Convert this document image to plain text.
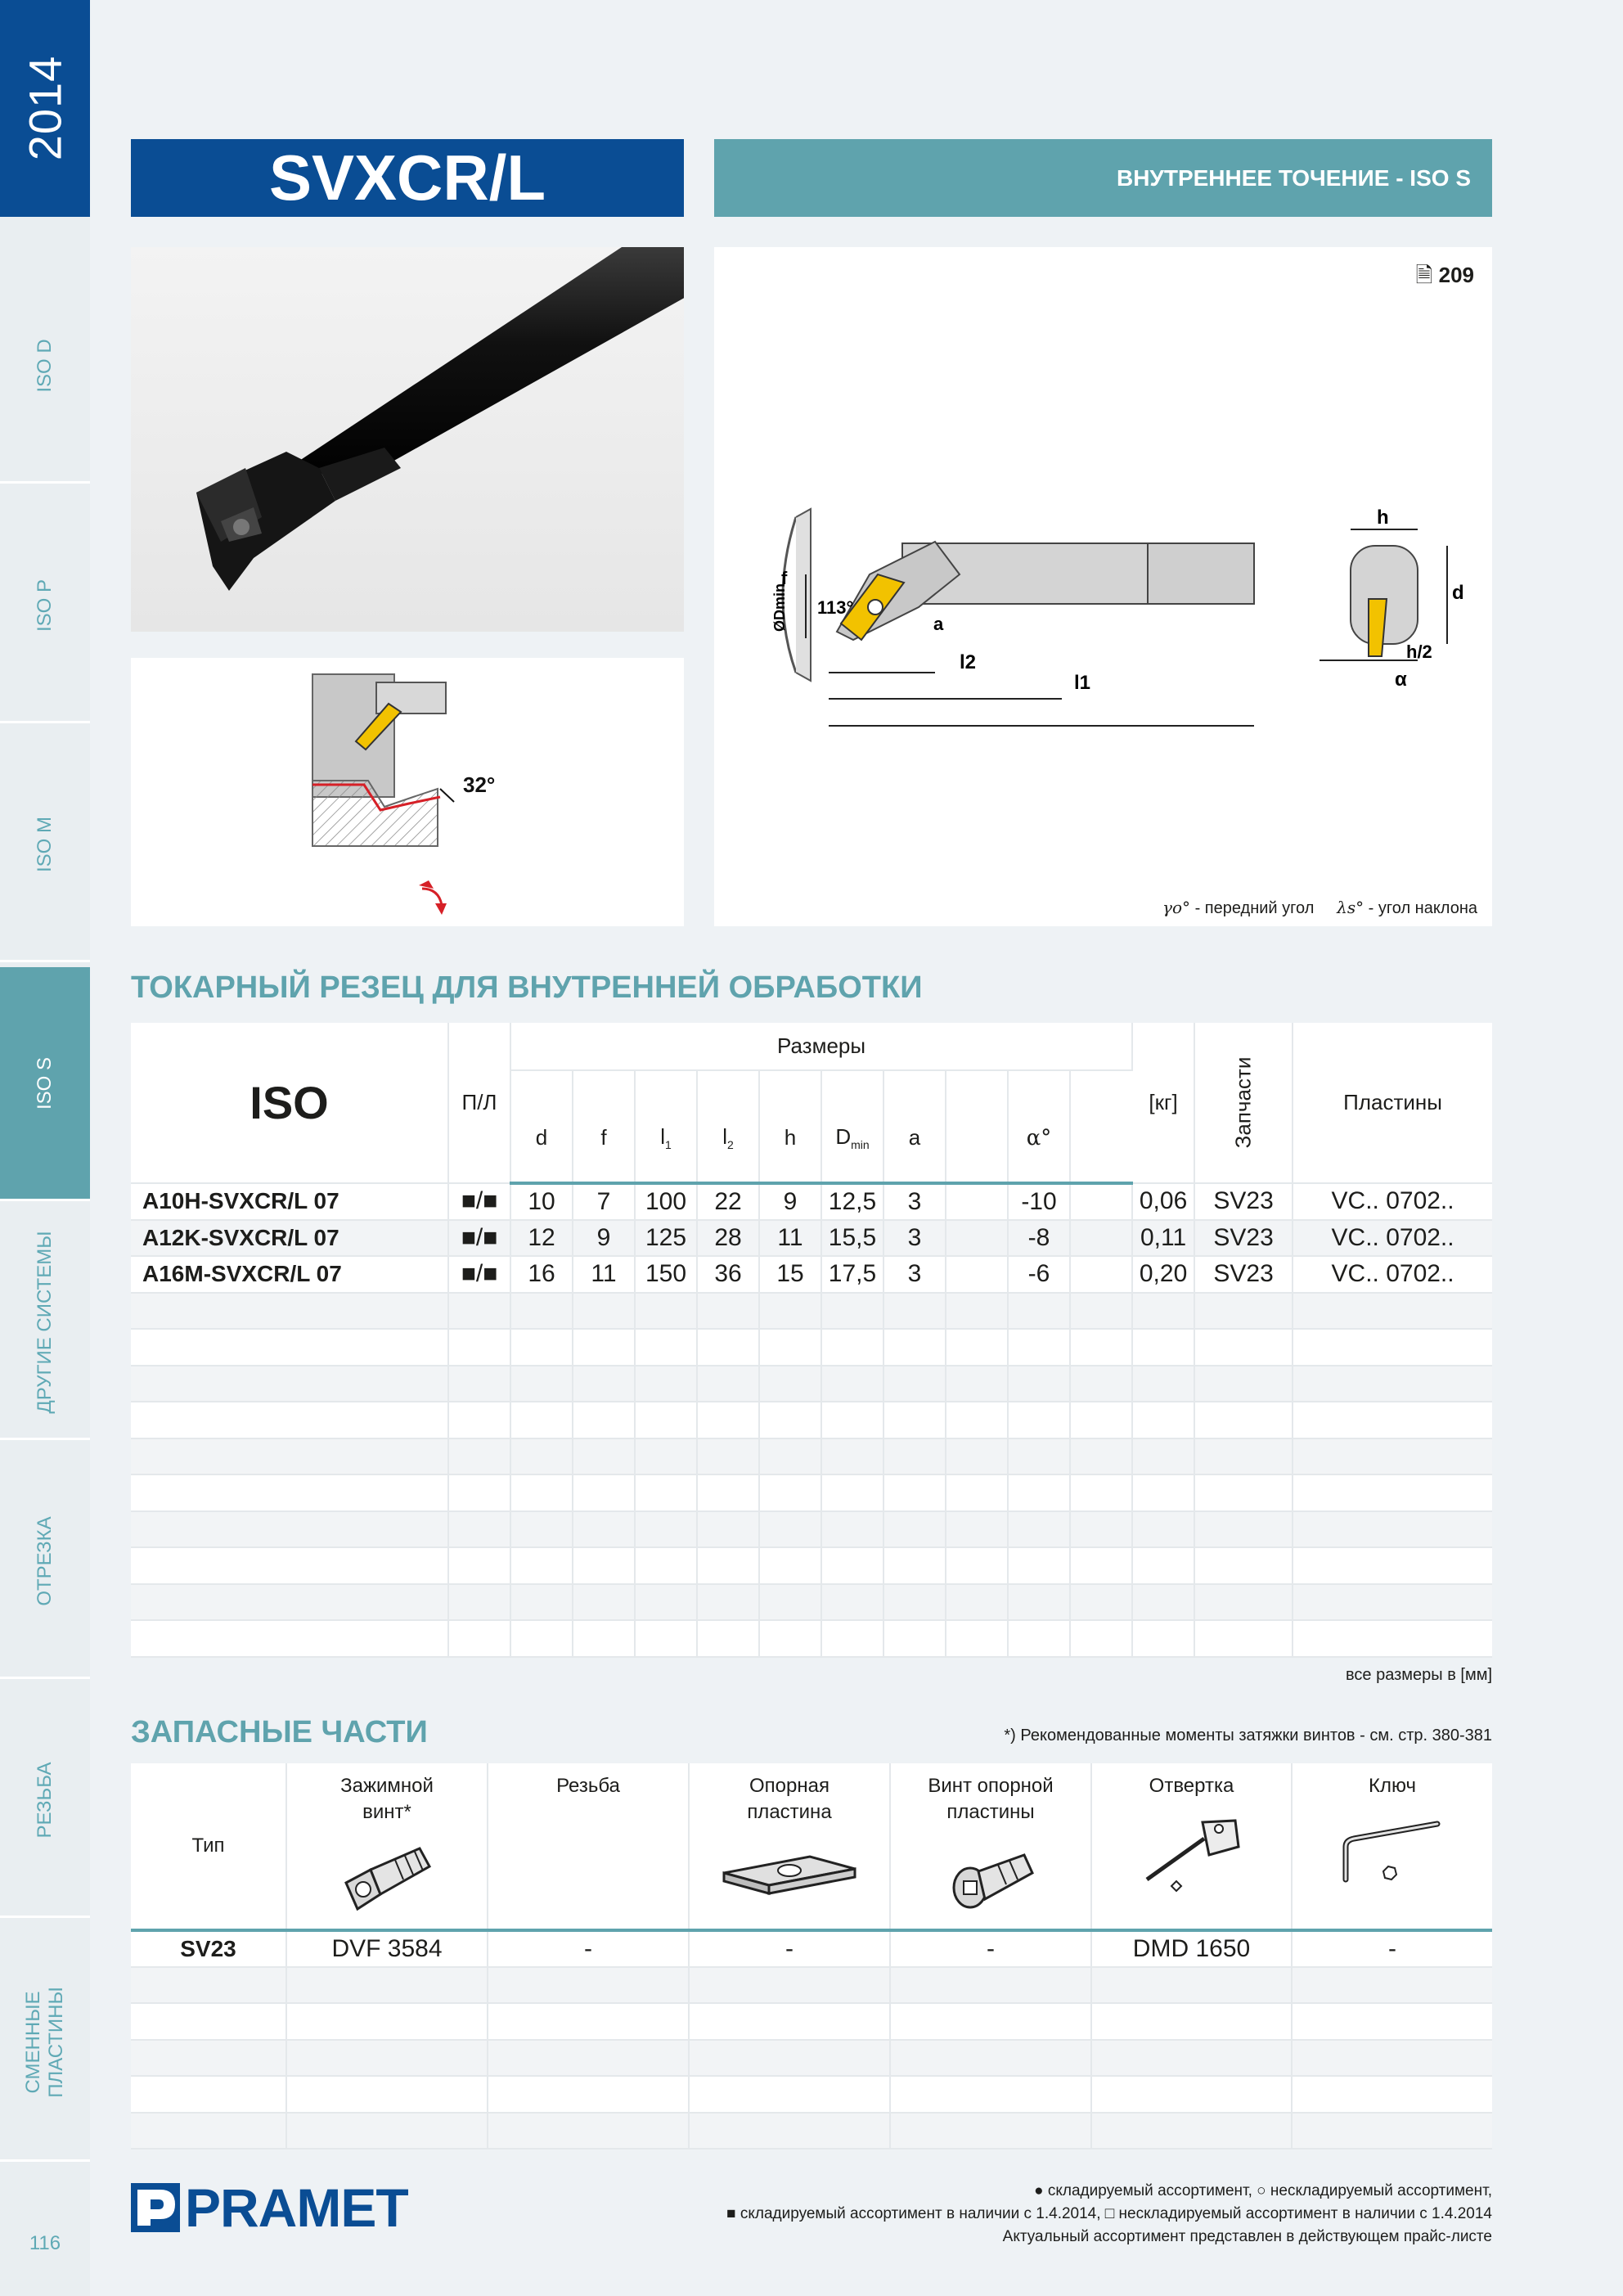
2014
ISO D
ISO P
ISO M
ISO S
ДРУГИЕ СИСТЕМЫ
ОТРЕЗКА
РЕЗЬБА
СМЕННЫЕ ПЛАСТИНЫ
116
SVXCR/L	ВНУТРЕННЕЕ ТОЧЕНИЕ - ISO S
32°
🗎 209
ØDmin 113°
f
a
l2
l1
h
d
h/2
α
γo° - передний угол λs° - угол наклона
ТОКАРНЫЙ РЕЗЕЦ ДЛЯ ВНУТРЕННЕЙ ОБРАБОТКИ
ISO	П/Л	Размеры										[кг]	Запчасти	Пластины
		d	f	$l_1$	$l_2$	h	$D_{min}$	a		α°				
A10H-SVXCR/L 07	■/■	10	7	100	22	9	12,5	3		-10		0,06	SV23	VC.. 0702..
A12K-SVXCR/L 07	■/■	12	9	125	28	11	15,5	3		-8		0,11	SV23	VC.. 0702..
A16M-SVXCR/L 07	■/■	16	11	150	36	15	17,5	3		-6		0,20	SV23	VC.. 0702..

все размеры в [мм]
ЗАПАСНЫЕ ЧАСТИ	*) Рекомендованные моменты затяжки винтов - см. стр. 380-381
Тип	Зажимной винт*	Резьба	Опорная пластина	Винт опорной пластины	Отвертка	Ключ

SV23	DVF 3584	-	-	-	DMD 1650	-

PRAMET	● складируемый ассортимент, ○ нескладируемый ассортимент,
■ складируемый ассортимент в наличии с 1.4.2014, □ нескладируемый ассортимент в наличии с 1.4.2014
Актуальный ассортимент представлен в действующем прайс-листе
